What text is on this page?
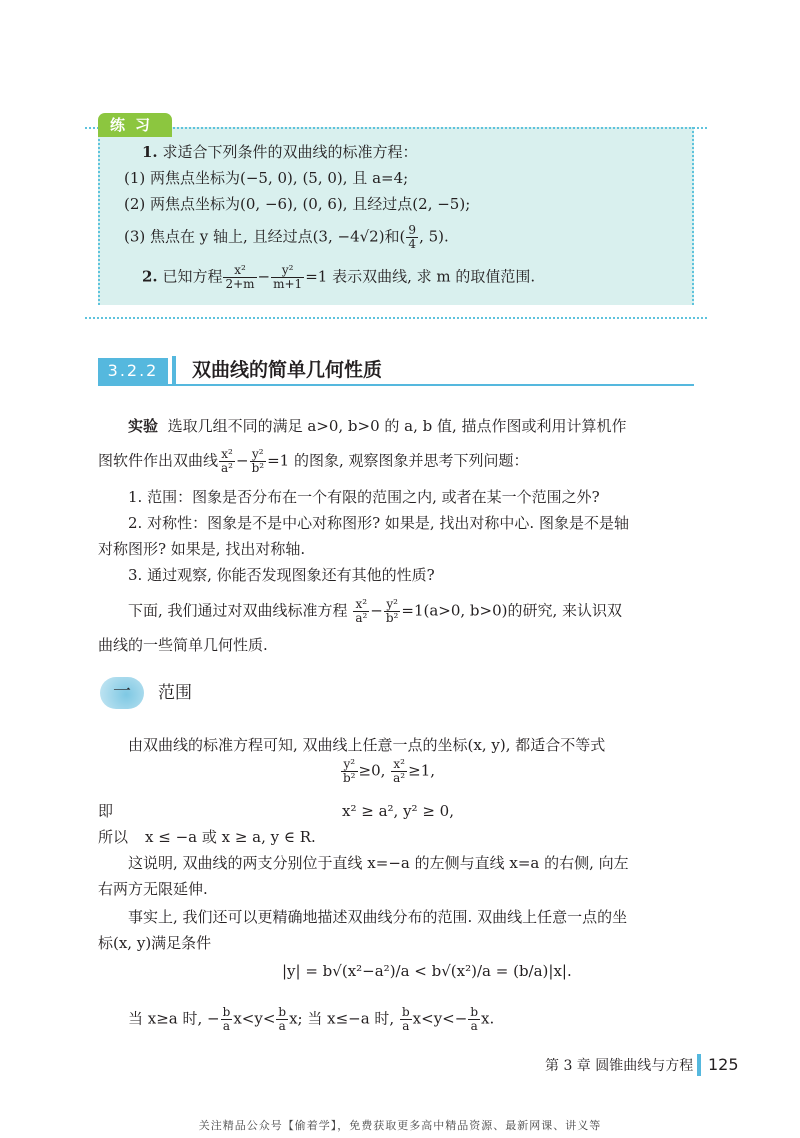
练习
1. 求适合下列条件的双曲线的标准方程：
(1) 两焦点坐标为(−5, 0), (5, 0), 且 a=4;
(2) 两焦点坐标为(0, −6), (0, 6), 且经过点(2, −5);
(3) 焦点在 y 轴上, 且经过点(3, −4√2)和( $\frac{9}{4}$ , 5).
2. 已知方程 $\frac{\text{x²}}{2+m} - \frac{\text{y²}}{m+1} =1$ 表示双曲线, 求 m 的取值范围.
3.2.2	双曲线的简单几何性质
实验 选取几组不同的满足 a>0, b>0 的 a, b 值, 描点作图或利用计算机作
图软件作出双曲线 $\frac{\text{x²}}{\text{a²}} - \frac{\text{y²}}{\text{b²}} =1$ 的图象, 观察图象并思考下列问题：
1. 范围：图象是否分布在一个有限的范围之内, 或者在某一个范围之外?
2. 对称性：图象是不是中心对称图形? 如果是, 找出对称中心. 图象是不是轴
对称图形? 如果是, 找出对称轴.
3. 通过观察, 你能否发现图象还有其他的性质?
下面, 我们通过对双曲线标准方程 $\frac{\text{x²}}{\text{a²}} - \frac{\text{y²}}{\text{b²}} =1(a>0$, b>0)的研究, 来认识双
曲线的一些简单几何性质.
一	范围
由双曲线的标准方程可知, 双曲线上任意一点的坐标(x, y), 都适合不等式
$\frac{\text{y²}}{\text{b²}} \ge 0$, $\frac{\text{x²}}{\text{a²}} \ge 1$,
即	x² ≥ a², y² ≥ 0,
所以 x ≤ −a 或 x ≥ a, y ∈ R.
这说明, 双曲线的两支分别位于直线 x=−a 的左侧与直线 x=a 的右侧, 向左
右两方无限延伸.
事实上, 我们还可以更精确地描述双曲线分布的范围. 双曲线上任意一点的坐
标(x, y)满足条件
|y| = b√(x²−a²)/a < b√(x²)/a = (b/a)|x|.
当 x≥a 时, − $\frac{b}{a} x<y< \frac{b}{a} x$; 当 x≤−a 时, $\frac{b}{a} x<y<- \frac{b}{a} x$.
第 3 章 圆锥曲线与方程 125
关注精品公众号【偷着学】，免费获取更多高中精品资源、最新网课、讲义等
